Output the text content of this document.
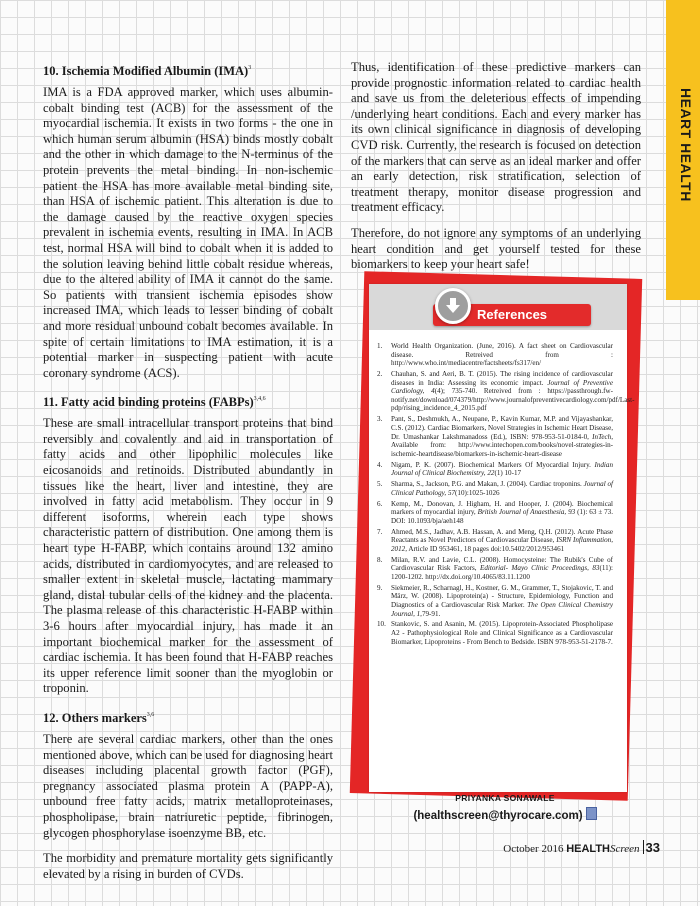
HEART HEALTH

10. Ischemia Modified Albumin (IMA)$^3$

IMA is a FDA approved marker, which uses albumin-cobalt binding test (ACB) for the assessment of the myocardial ischemia. It exists in two forms - the one in which human serum albumin (HSA) binds mostly cobalt and the other in which damage to the N-terminus of the protein prevents the metal binding. In non-ischemic patient the HSA has more available metal binding site, than HSA of ischemic patient. This alteration is due to the damage caused by the reactive oxygen species prevalent in ischemia events, resulting in IMA. In ACB test, normal HSA will bind to cobalt when it is added to the solution leaving behind little cobalt residue whereas, due to the altered ability of IMA it cannot do the same. So patients with transient ischemia episodes show increased IMA, which leads to lesser binding of cobalt and more residual unbound cobalt becomes available. In spite of certain limitations to IMA estimation, it is a potential marker in suspecting patient with acute coronary syndrome (ACS).

11. Fatty acid binding proteins (FABPs)$^{3,4,6}$

These are small intracellular transport proteins that bind reversibly and covalently and aid in transportation of fatty acids and other lipophilic molecules like eicosanoids and retinoids. Distributed abundantly in tissues like the heart, liver and intestine, they are involved in fatty acid metabolism. They occur in 9 different isoforms, wherein each type shows characteristic pattern of distribution. One among them is heart type H-FABP, which contains around 132 amino acids, distributed in cardiomyocytes, and are released to smaller extent in skeletal muscle, lactating mammary gland, distal tubular cells of the kidney and the placenta. The plasma release of this characteristic H-FABP within 3-6 hours after myocardial injury, has made it an important biochemical marker for the assessment of cardiac ischemia. It has been found that H-FABP reaches its upper reference limit sooner than the myoglobin or troponin.

12. Others markers$^{3,6}$

There are several cardiac markers, other than the ones mentioned above, which can be used for diagnosing heart diseases including placental growth factor (PGF), pregnancy associated plasma protein A (PAPP-A), unbound free fatty acids, matrix metalloproteinases, phospholipase, brain natriuretic peptide, fibrinogen, glycogen phosphorylase isoenzyme BB, etc.

The morbidity and premature mortality gets significantly elevated by a rising in burden of CVDs.

Thus, identification of these predictive markers can provide prognostic information related to cardiac health and save us from the deleterious effects of impending /underlying heart conditions. Each and every marker has its own clinical significance in diagnosis of developing CVD risk. Currently, the research is focused on detection of the markers that can serve as an ideal marker and offer an early detection, risk stratification, selection of treatment therapy, monitor disease progression and treatment efficacy.

Therefore, do not ignore any symptoms of an underlying heart condition and get yourself tested for these biomarkers to keep your heart safe!

References
1. World Health Organization. (June, 2016). A fact sheet on Cardiovascular disease. Retreived from : http://www.who.int/mediacentre/factsheets/fs317/en/
2. Chauhan, S. and Aeri, B. T. (2015). The rising incidence of cardiovascular diseases in India: Assessing its economic impact. Journal of Preventive Cardiology, 4(4); 735-740. Retreived from : https://passthrough.fw-notify.net/download/074379/http://www.journalofpreventivecardiology.com/pdf/Last-pdp/rising_incidence_4_2015.pdf
3. Pant, S., Deshmukh, A., Neupane, P., Kavin Kumar, M.P. and Vijayashankar, C.S. (2012). Cardiac Biomarkers, Novel Strategies in Ischemic Heart Disease, Dr. Umashankar Lakshmanadoss (Ed.), ISBN: 978-953-51-0184-0, InTech, Available from: http://www.intechopen.com/books/novel-strategies-in-ischemic-heartdisease/biomarkers-in-ischemic-heart-disease
4. Nigam, P. K. (2007). Biochemical Markers Of Myocardial Injury. Indian Journal of Clinical Biochemistry, 22(1) 10-17
5. Sharma, S., Jackson, P.G. and Makan, J. (2004). Cardiac troponins. Journal of Clinical Pathology, 57(10):1025-1026
6. Kemp, M., Donovan, J. Higham, H. and Hooper, J. (2004). Biochemical markers of myocardial injury, British Journal of Anaesthesia, 93 (1): 63 ± 73. DOI: 10.1093/bja/aeh148
7. Ahmed, M.S., Jadhav, A.B. Hassan, A. and Meng, Q.H. (2012). Acute Phase Reactants as Novel Predictors of Cardiovascular Disease, ISRN Inflammation, 2012, Article ID 953461, 18 pages doi:10.5402/2012/953461
8. Milan, R.V. and Lavie, C.L. (2008). Homocysteine: The Rubik's Cube of Cardiovascular Risk Factors, Editorial- Mayo Clinic Proceedings, 83(11): 1200-1202. http://dx.doi.org/10.4065/83.11.1200
9. Siekmeier, R., Scharnagl, H., Kostner, G. M., Grammer, T., Stojakovic, T. and März, W. (2008). Lipoprotein(a) - Structure, Epidemiology, Function and Diagnostics of a Cardiovascular Risk Marker. The Open Clinical Chemistry Journal, 1,79-91.
10. Stankovic, S. and Asanin, M. (2015). Lipoprotein-Associated Phospholipase A2 - Pathophysiological Role and Clinical Significance as a Cardiovascular Biomarker, Lipoproteins - From Bench to Bedside. ISBN 978-953-51-2178-7.
PRIYANKA SONAWALE
(healthscreen@thyrocare.com)
October 2016 HEALTHScreen 33
